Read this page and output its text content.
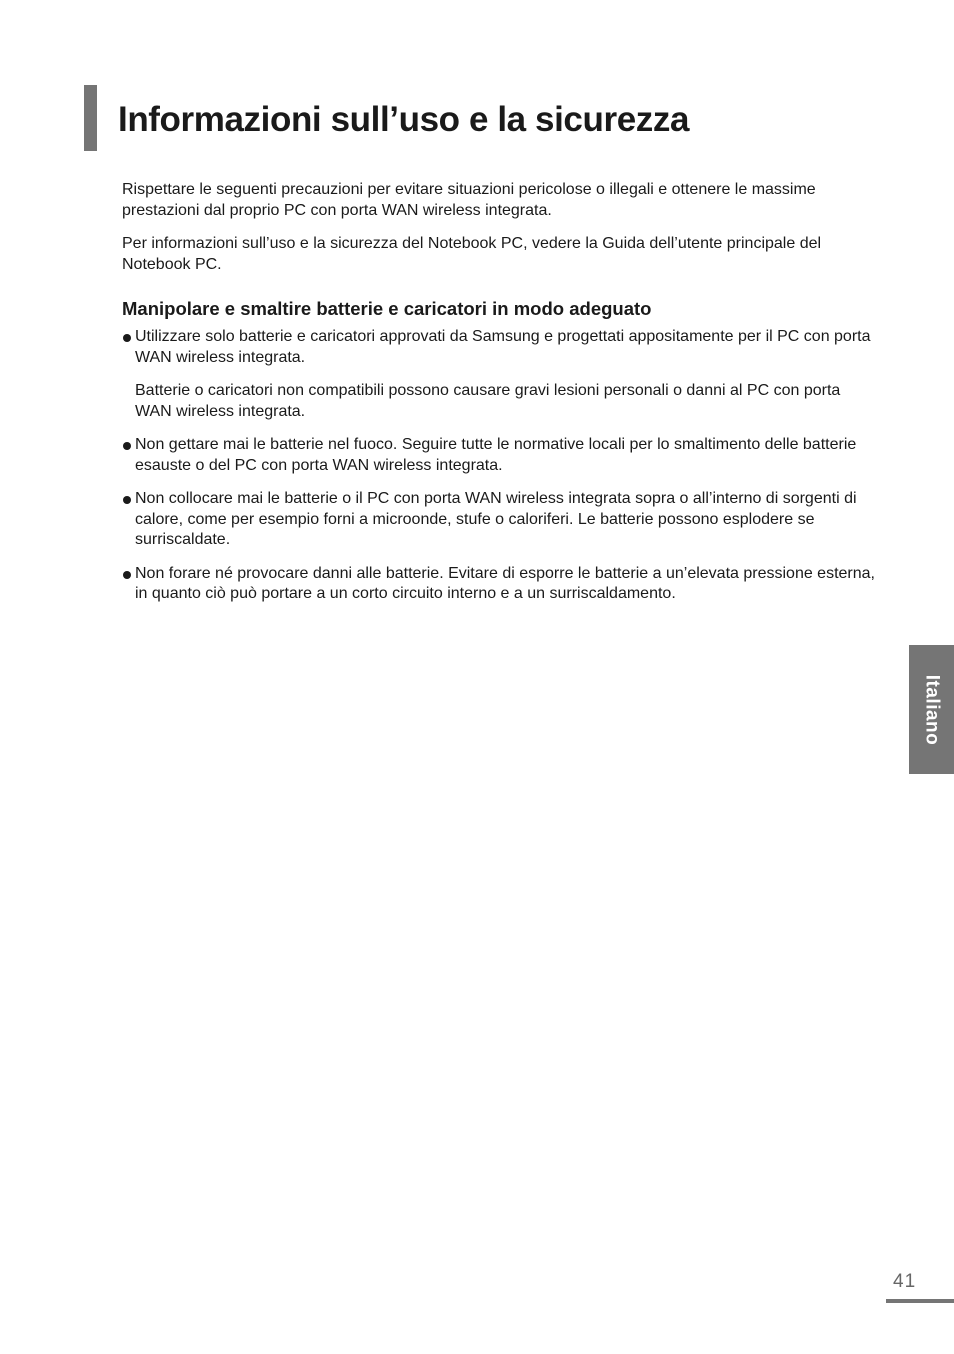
Informazioni sull’uso e la sicurezza

Rispettare le seguenti precauzioni per evitare situazioni pericolose o illegali e ottenere le massime prestazioni dal proprio PC con porta WAN wireless integrata.

Per informazioni sull’uso e la sicurezza del Notebook PC, vedere la Guida dell’utente principale del Notebook PC.

Manipolare e smaltire batterie e caricatori in modo adeguato

Utilizzare solo batterie e caricatori approvati da Samsung e progettati appositamente per il PC con porta WAN wireless integrata.

Batterie o caricatori non compatibili possono causare gravi lesioni personali o danni al PC con porta WAN wireless integrata.

Non gettare mai le batterie nel fuoco. Seguire tutte le normative locali per lo smaltimento delle batterie esauste o del PC con porta WAN wireless integrata.

Non collocare mai le batterie o il PC con porta WAN wireless integrata sopra o all’interno di sorgenti di calore, come per esempio forni a microonde, stufe o caloriferi. Le batterie possono esplodere se surriscaldate.

Non forare né provocare danni alle batterie. Evitare di esporre le batterie a un’elevata pressione esterna, in quanto ciò può portare a un corto circuito interno e a un surriscaldamento.

Italiano
41
